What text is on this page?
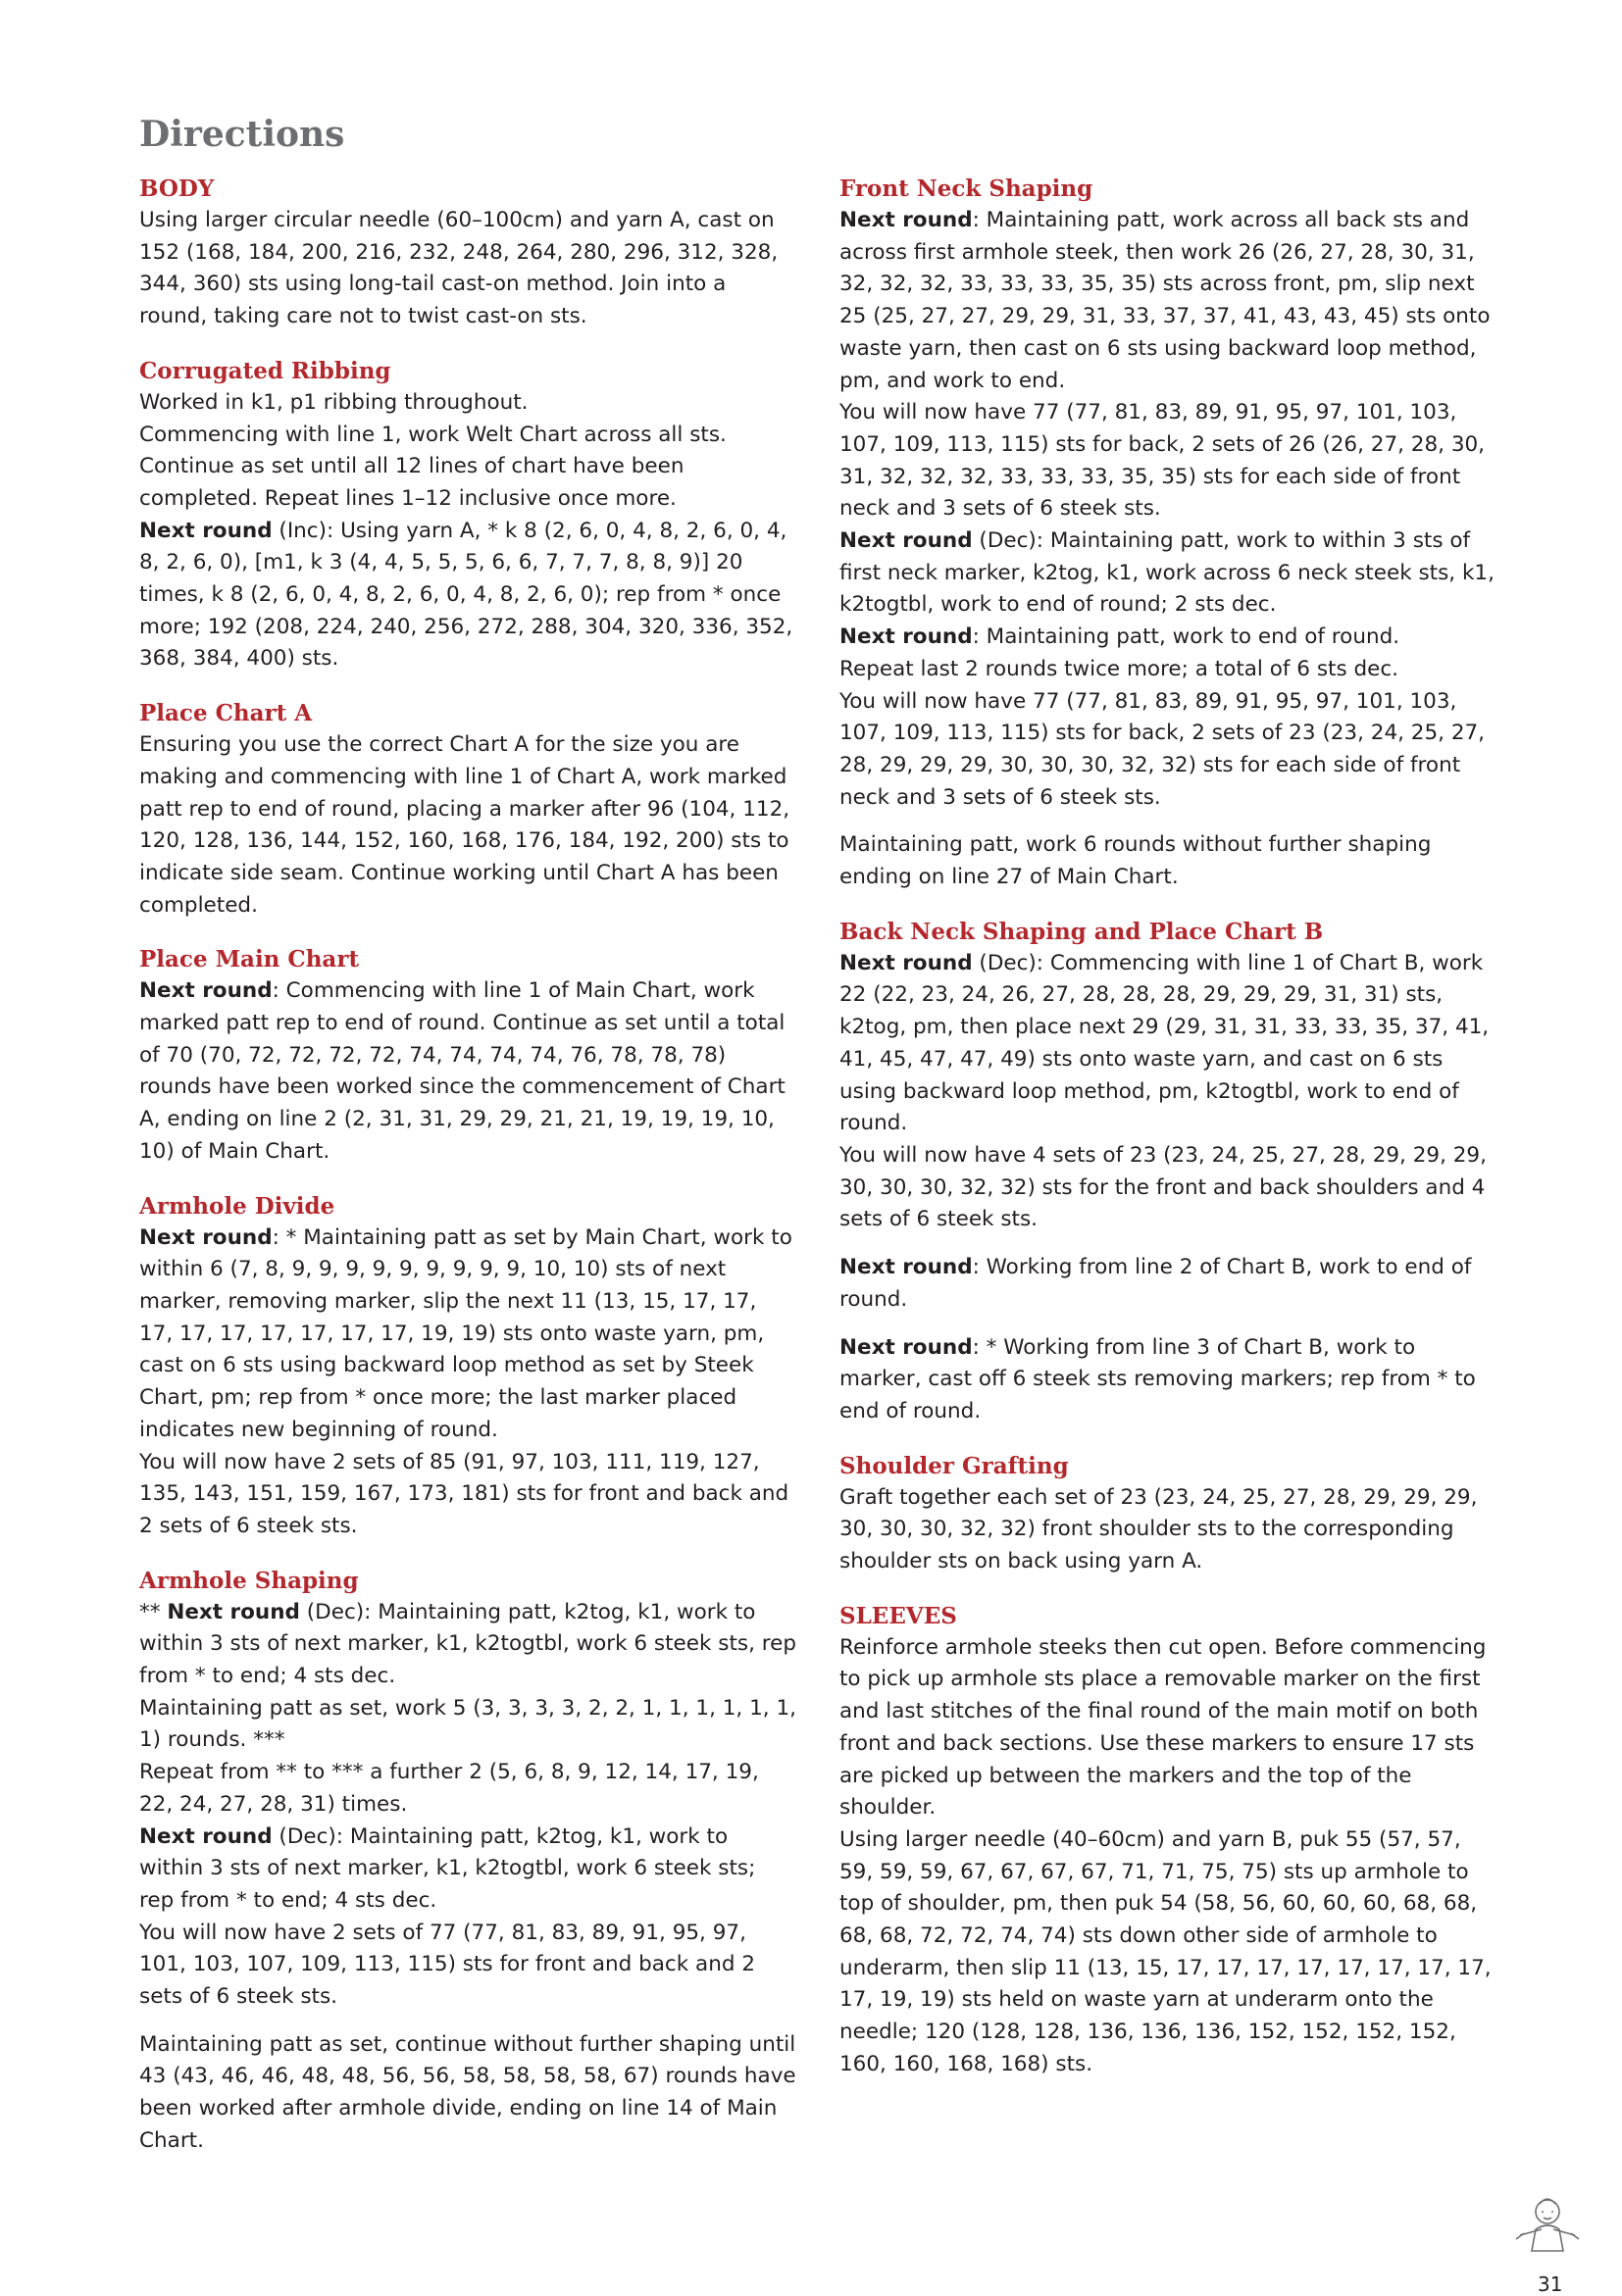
Directions
BODY

Using larger circular needle (60–100cm) and yarn A, cast on 152 (168, 184, 200, 216, 232, 248, 264, 280, 296, 312, 328, 344, 360) sts using long-tail cast-on method. Join into a round, taking care not to twist cast-on sts.

Corrugated Ribbing

Worked in k1, p1 ribbing throughout.

Commencing with line 1, work Welt Chart across all sts. Continue as set until all 12 lines of chart have been completed. Repeat lines 1–12 inclusive once more.

Next round (Inc): Using yarn A, * k 8 (2, 6, 0, 4, 8, 2, 6, 0, 4, 8, 2, 6, 0), [m1, k 3 (4, 4, 5, 5, 5, 6, 6, 7, 7, 7, 8, 8, 9)] 20 times, k 8 (2, 6, 0, 4, 8, 2, 6, 0, 4, 8, 2, 6, 0); rep from * once more; 192 (208, 224, 240, 256, 272, 288, 304, 320, 336, 352, 368, 384, 400) sts.

Place Chart A

Ensuring you use the correct Chart A for the size you are making and commencing with line 1 of Chart A, work marked patt rep to end of round, placing a marker after 96 (104, 112, 120, 128, 136, 144, 152, 160, 168, 176, 184, 192, 200) sts to indicate side seam. Continue working until Chart A has been completed.

Place Main Chart

Next round: Commencing with line 1 of Main Chart, work marked patt rep to end of round. Continue as set until a total of 70 (70, 72, 72, 72, 72, 74, 74, 74, 74, 76, 78, 78, 78) rounds have been worked since the commencement of Chart A, ending on line 2 (2, 31, 31, 29, 29, 21, 21, 19, 19, 19, 10, 10) of Main Chart.

Armhole Divide

Next round: * Maintaining patt as set by Main Chart, work to within 6 (7, 8, 9, 9, 9, 9, 9, 9, 9, 9, 9, 10, 10) sts of next marker, removing marker, slip the next 11 (13, 15, 17, 17, 17, 17, 17, 17, 17, 17, 17, 19, 19) sts onto waste yarn, pm, cast on 6 sts using backward loop method as set by Steek Chart, pm; rep from * once more; the last marker placed indicates new beginning of round.

You will now have 2 sets of 85 (91, 97, 103, 111, 119, 127, 135, 143, 151, 159, 167, 173, 181) sts for front and back and 2 sets of 6 steek sts.

Armhole Shaping

** Next round (Dec): Maintaining patt, k2tog, k1, work to within 3 sts of next marker, k1, k2togtbl, work 6 steek sts, rep from * to end; 4 sts dec.

Maintaining patt as set, work 5 (3, 3, 3, 3, 2, 2, 1, 1, 1, 1, 1, 1, 1) rounds. ***

Repeat from ** to *** a further 2 (5, 6, 8, 9, 12, 14, 17, 19, 22, 24, 27, 28, 31) times.

Next round (Dec): Maintaining patt, k2tog, k1, work to within 3 sts of next marker, k1, k2togtbl, work 6 steek sts; rep from * to end; 4 sts dec.

You will now have 2 sets of 77 (77, 81, 83, 89, 91, 95, 97, 101, 103, 107, 109, 113, 115) sts for front and back and 2 sets of 6 steek sts.

Maintaining patt as set, continue without further shaping until 43 (43, 46, 46, 48, 48, 56, 56, 58, 58, 58, 58, 67) rounds have been worked after armhole divide, ending on line 14 of Main Chart.

Front Neck Shaping

Next round: Maintaining patt, work across all back sts and across first armhole steek, then work 26 (26, 27, 28, 30, 31, 32, 32, 32, 33, 33, 33, 35, 35) sts across front, pm, slip next 25 (25, 27, 27, 29, 29, 31, 33, 37, 37, 41, 43, 43, 45) sts onto waste yarn, then cast on 6 sts using backward loop method, pm, and work to end.

You will now have 77 (77, 81, 83, 89, 91, 95, 97, 101, 103, 107, 109, 113, 115) sts for back, 2 sets of 26 (26, 27, 28, 30, 31, 32, 32, 32, 33, 33, 33, 35, 35) sts for each side of front neck and 3 sets of 6 steek sts.

Next round (Dec): Maintaining patt, work to within 3 sts of first neck marker, k2tog, k1, work across 6 neck steek sts, k1, k2togtbl, work to end of round; 2 sts dec.

Next round: Maintaining patt, work to end of round.

Repeat last 2 rounds twice more; a total of 6 sts dec.

You will now have 77 (77, 81, 83, 89, 91, 95, 97, 101, 103, 107, 109, 113, 115) sts for back, 2 sets of 23 (23, 24, 25, 27, 28, 29, 29, 29, 30, 30, 30, 32, 32) sts for each side of front neck and 3 sets of 6 steek sts.

Maintaining patt, work 6 rounds without further shaping ending on line 27 of Main Chart.

Back Neck Shaping and Place Chart B

Next round (Dec): Commencing with line 1 of Chart B, work 22 (22, 23, 24, 26, 27, 28, 28, 28, 29, 29, 29, 31, 31) sts, k2tog, pm, then place next 29 (29, 31, 31, 33, 33, 35, 37, 41, 41, 45, 47, 47, 49) sts onto waste yarn, and cast on 6 sts using backward loop method, pm, k2togtbl, work to end of round.

You will now have 4 sets of 23 (23, 24, 25, 27, 28, 29, 29, 29, 30, 30, 30, 32, 32) sts for the front and back shoulders and 4 sets of 6 steek sts.

Next round: Working from line 2 of Chart B, work to end of round.

Next round: * Working from line 3 of Chart B, work to marker, cast off 6 steek sts removing markers; rep from * to end of round.

Shoulder Grafting

Graft together each set of 23 (23, 24, 25, 27, 28, 29, 29, 29, 30, 30, 30, 32, 32) front shoulder sts to the corresponding shoulder sts on back using yarn A.

SLEEVES

Reinforce armhole steeks then cut open. Before commencing to pick up armhole sts place a removable marker on the first and last stitches of the final round of the main motif on both front and back sections. Use these markers to ensure 17 sts are picked up between the markers and the top of the shoulder.

Using larger needle (40–60cm) and yarn B, puk 55 (57, 57, 59, 59, 59, 67, 67, 67, 67, 71, 71, 75, 75) sts up armhole to top of shoulder, pm, then puk 54 (58, 56, 60, 60, 60, 68, 68, 68, 68, 72, 72, 74, 74) sts down other side of armhole to underarm, then slip 11 (13, 15, 17, 17, 17, 17, 17, 17, 17, 17, 17, 19, 19) sts held on waste yarn at underarm onto the needle; 120 (128, 128, 136, 136, 136, 152, 152, 152, 152, 160, 160, 168, 168) sts.

31
